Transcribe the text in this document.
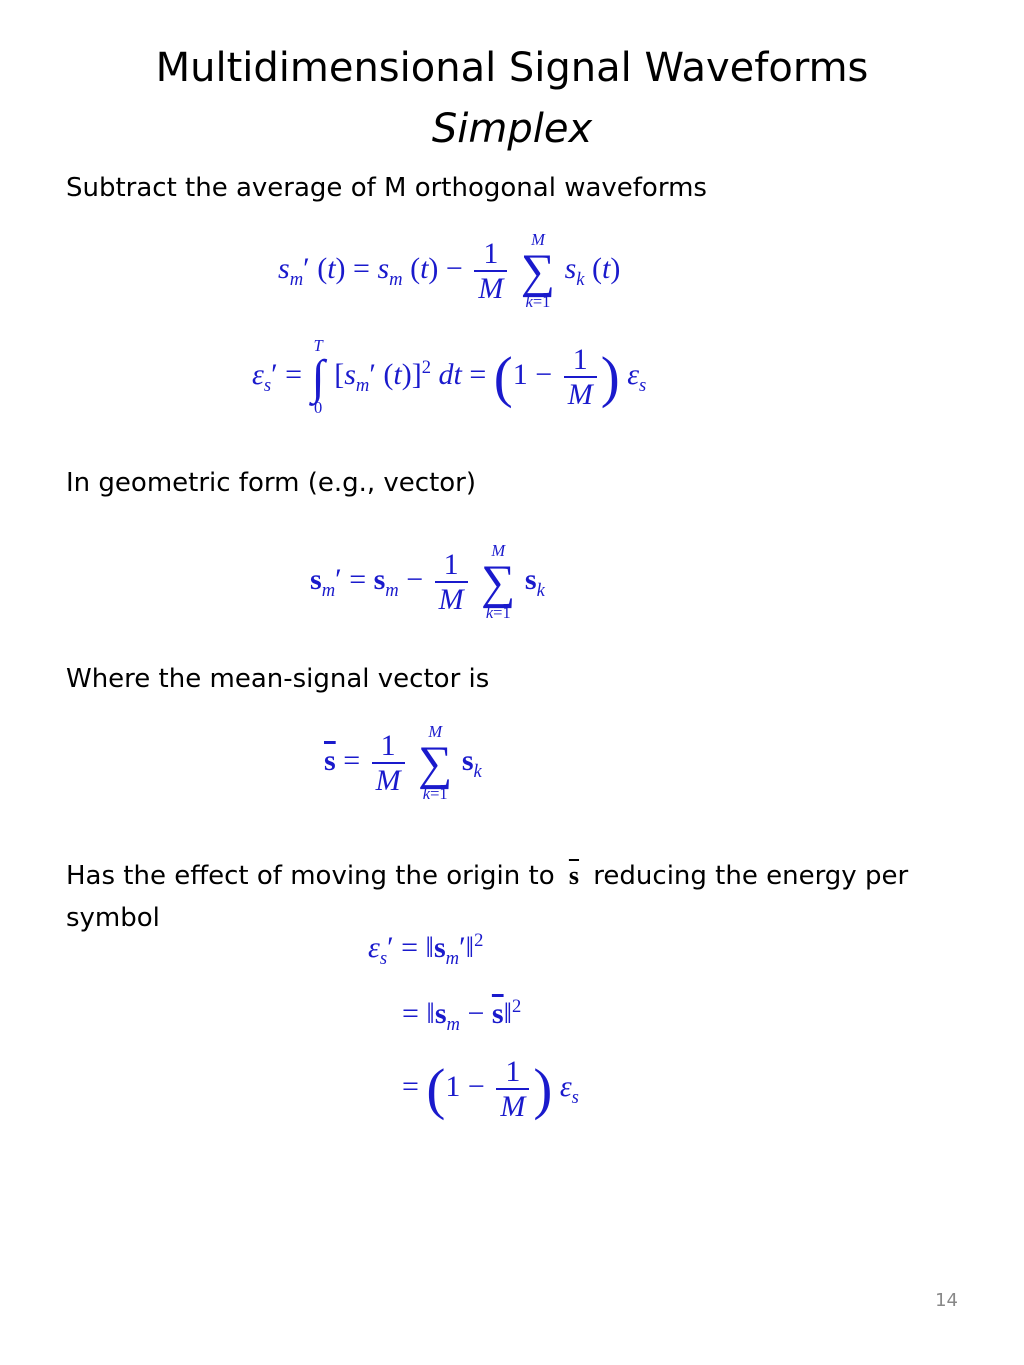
Multidimensional Signal Waveforms
Simplex
Subtract the average of M orthogonal waveforms
$s_m'$ $(t) = s_m$ $(t) - \frac{1}{M}$
M
∑
k=1
$s_k$ (t)
$\varepsilon_s'$ =
T
∫
0
[$s_m'$ (t)]$^2$ dt = ($1 - \frac{1}{M}$ ) $\varepsilon_s$
In geometric form (e.g., vector)
$s_m' = s_m - \frac{1}{M}$
M
∑
k=1
$s_k$
Where the mean-signal vector is
$\overline{s} = \frac{1}{M}$
M
∑
k=1
$s_k$
Has the effect of moving the origin to $\overline{s}$ reducing the energy per
symbol
$\varepsilon_s'$ = $‖s_m'‖^2$
= $‖s_m$ − $\overline{s}‖^2$
= ($1 - \frac{1}{M}$ ) $\varepsilon_s$
14
